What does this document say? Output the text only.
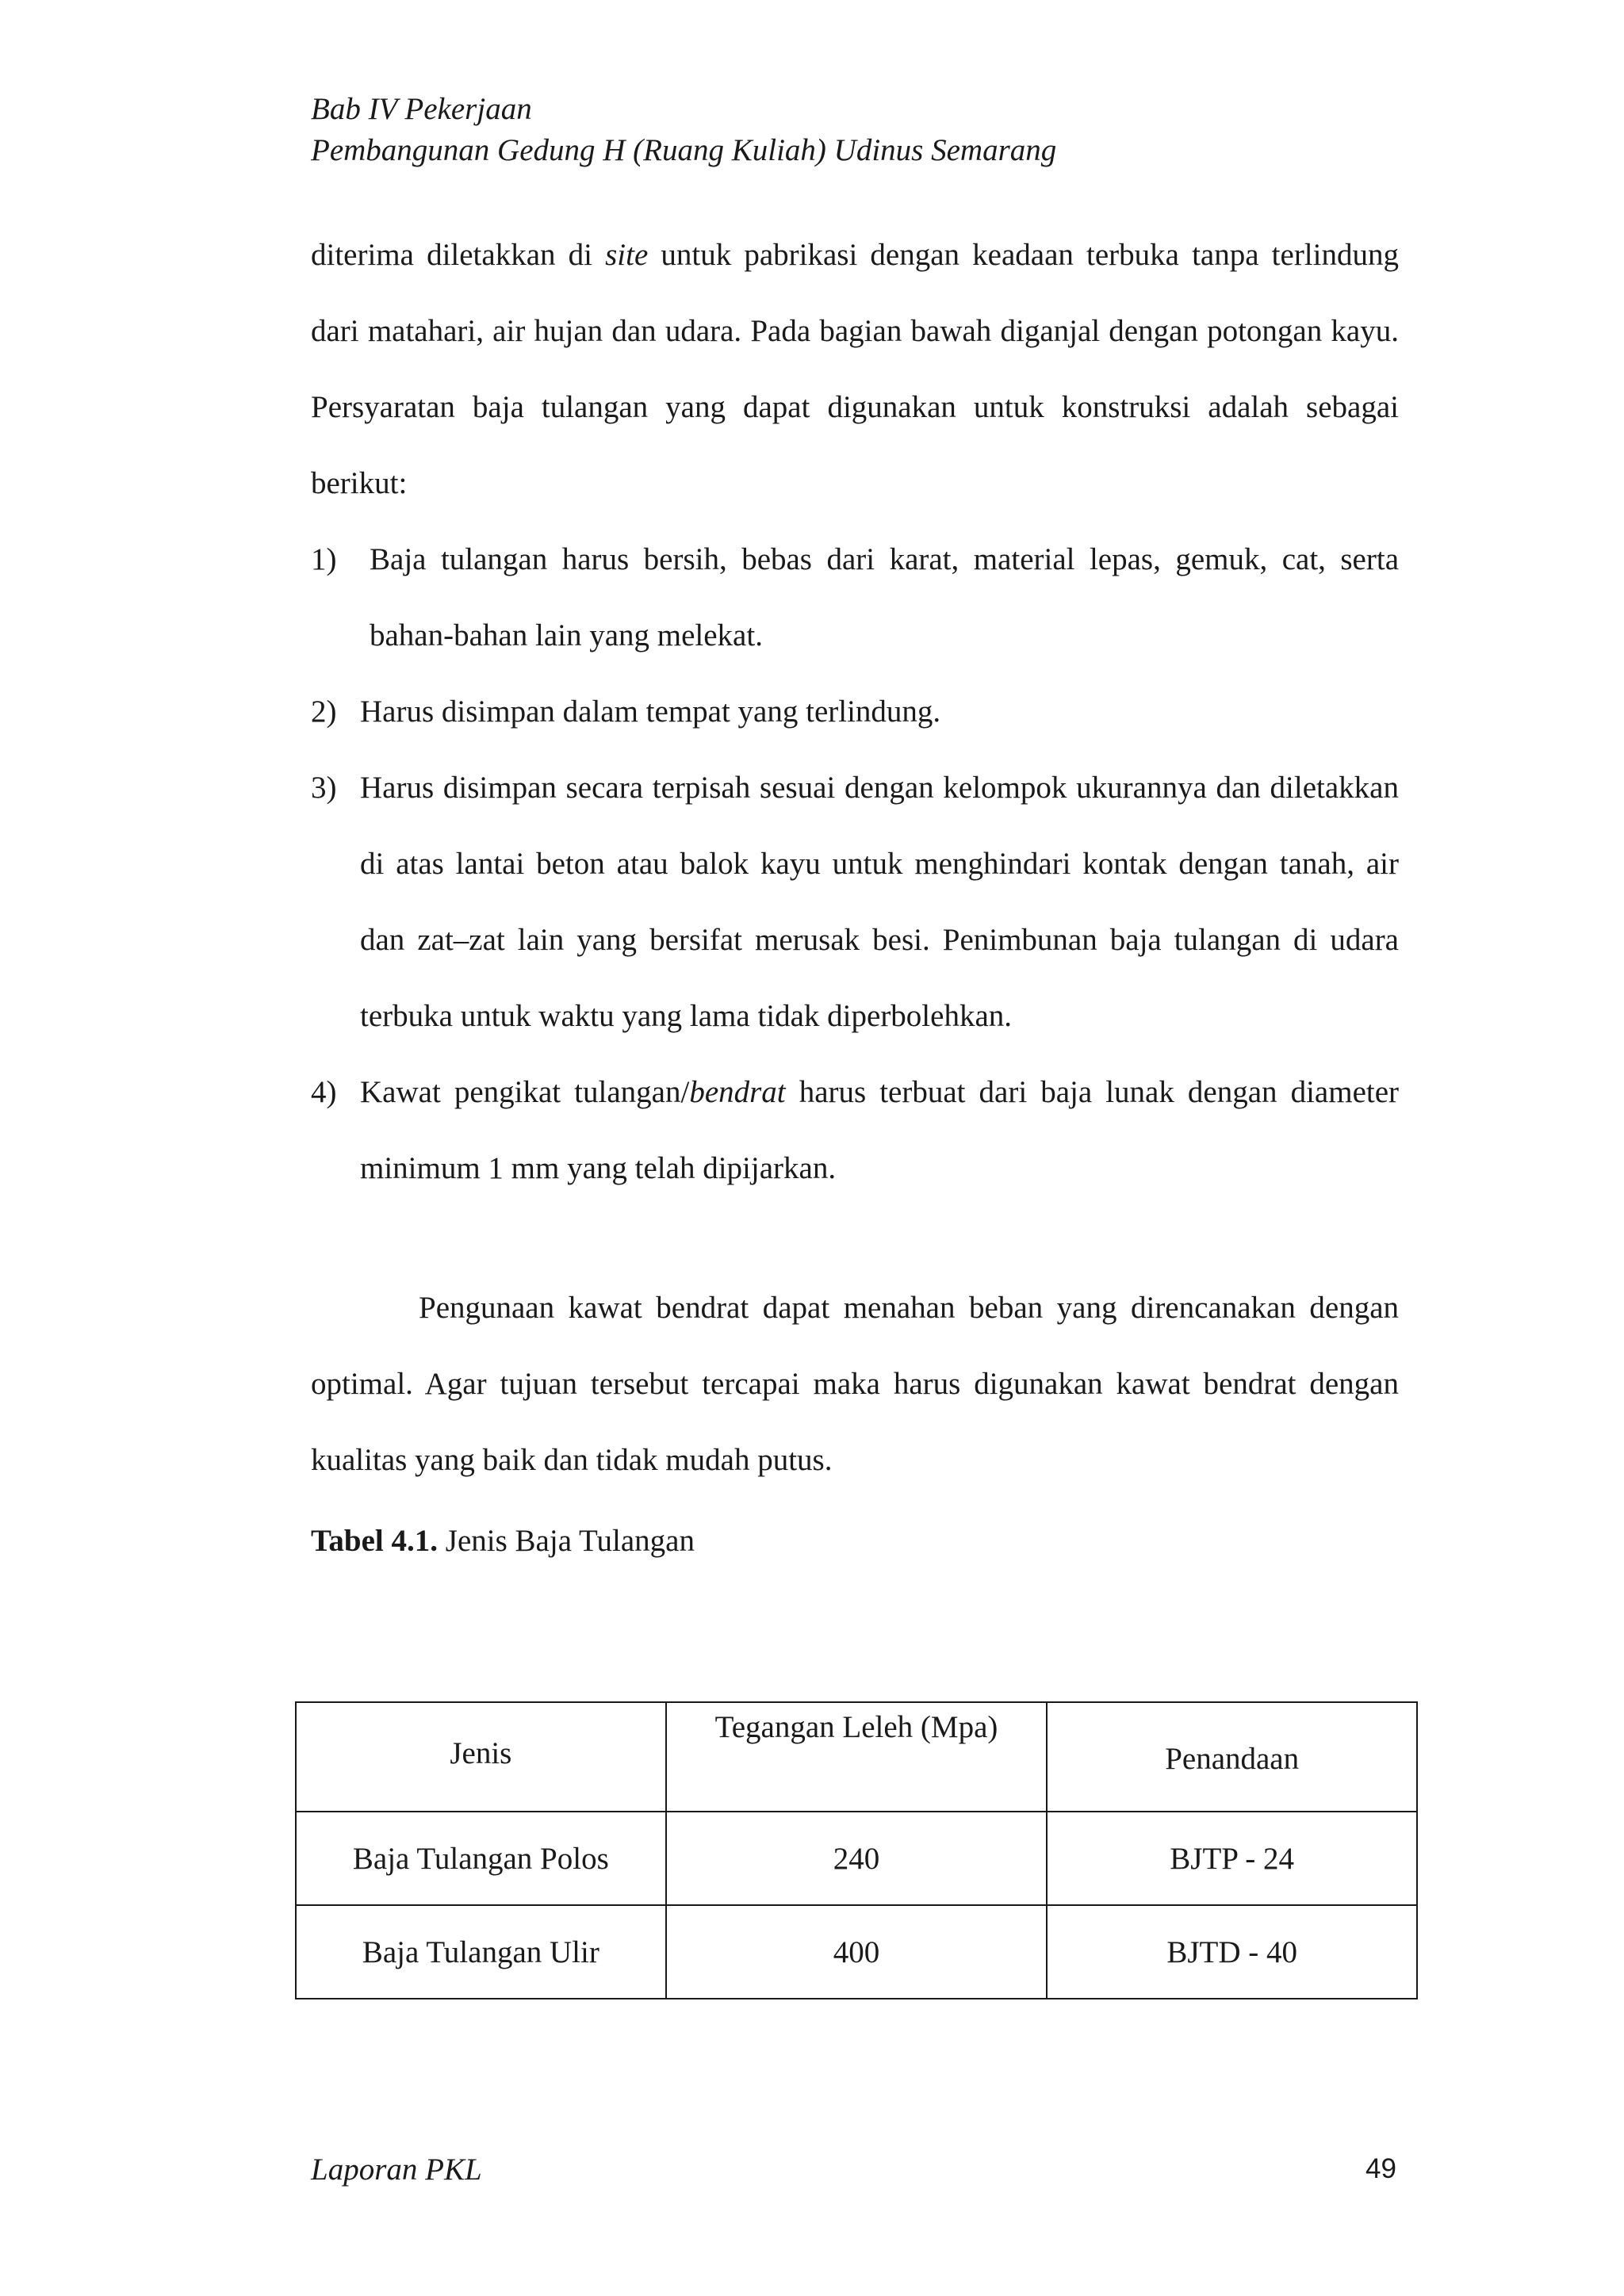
Bab IV Pekerjaan
Pembangunan Gedung H (Ruang Kuliah) Udinus Semarang

diterima diletakkan di site untuk pabrikasi dengan keadaan terbuka tanpa terlindung dari matahari, air hujan dan udara. Pada bagian bawah diganjal dengan potongan kayu. Persyaratan baja tulangan yang dapat digunakan untuk konstruksi adalah sebagai berikut:

1) Baja tulangan harus bersih, bebas dari karat, material lepas, gemuk, cat, serta bahan-bahan lain yang melekat.
2) Harus disimpan dalam tempat yang terlindung.
3) Harus disimpan secara terpisah sesuai dengan kelompok ukurannya dan diletakkan di atas lantai beton atau balok kayu untuk menghindari kontak dengan tanah, air dan zat–zat lain yang bersifat merusak besi. Penimbunan baja tulangan di udara terbuka untuk waktu yang lama tidak diperbolehkan.
4) Kawat pengikat tulangan/bendrat harus terbuat dari baja lunak dengan diameter minimum 1 mm yang telah dipijarkan.

Pengunaan kawat bendrat dapat menahan beban yang direncanakan dengan optimal. Agar tujuan tersebut tercapai maka harus digunakan kawat bendrat dengan kualitas yang baik dan tidak mudah putus.

Tabel 4.1. Jenis Baja Tulangan
Jenis	Tegangan Leleh (Mpa)	Penandaan
Baja Tulangan Polos	240	BJTP - 24
Baja Tulangan Ulir	400	BJTD - 40
Laporan PKL	49
